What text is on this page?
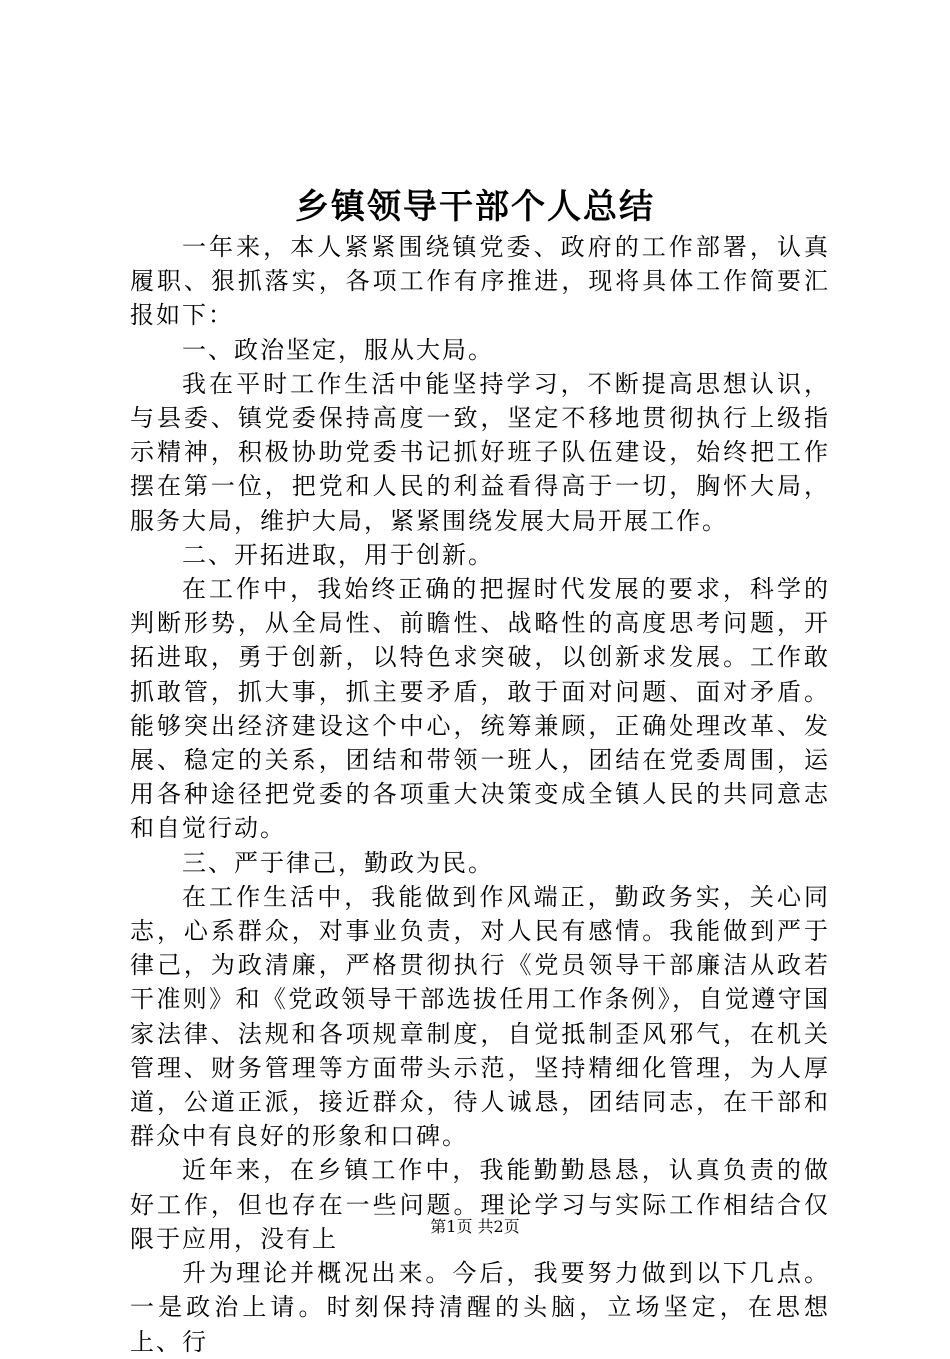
乡镇领导干部个人总结

一年来，本人紧紧围绕镇党委、政府的工作部署，认真履职、狠抓落实，各项工作有序推进，现将具体工作简要汇报如下：

一、政治坚定，服从大局。

我在平时工作生活中能坚持学习，不断提高思想认识，与县委、镇党委保持高度一致，坚定不移地贯彻执行上级指示精神，积极协助党委书记抓好班子队伍建设，始终把工作摆在第一位，把党和人民的利益看得高于一切，胸怀大局，服务大局，维护大局，紧紧围绕发展大局开展工作。

二、开拓进取，用于创新。

在工作中，我始终正确的把握时代发展的要求，科学的判断形势，从全局性、前瞻性、战略性的高度思考问题，开拓进取，勇于创新，以特色求突破，以创新求发展。工作敢抓敢管，抓大事，抓主要矛盾，敢于面对问题、面对矛盾。能够突出经济建设这个中心，统筹兼顾，正确处理改革、发展、稳定的关系，团结和带领一班人，团结在党委周围，运用各种途径把党委的各项重大决策变成全镇人民的共同意志和自觉行动。

三、严于律己，勤政为民。

在工作生活中，我能做到作风端正，勤政务实，关心同志，心系群众，对事业负责，对人民有感情。我能做到严于律己，为政清廉，严格贯彻执行《党员领导干部廉洁从政若干准则》和《党政领导干部选拔任用工作条例》，自觉遵守国家法律、法规和各项规章制度，自觉抵制歪风邪气，在机关管理、财务管理等方面带头示范，坚持精细化管理，为人厚道，公道正派，接近群众，待人诚恳，团结同志，在干部和群众中有良好的形象和口碑。

近年来，在乡镇工作中，我能勤勤恳恳，认真负责的做好工作，但也存在一些问题。理论学习与实际工作相结合仅限于应用，没有上

升为理论并概况出来。今后，我要努力做到以下几点。一是政治上请。时刻保持清醒的头脑，立场坚定，在思想上、行

第1页 共2页
